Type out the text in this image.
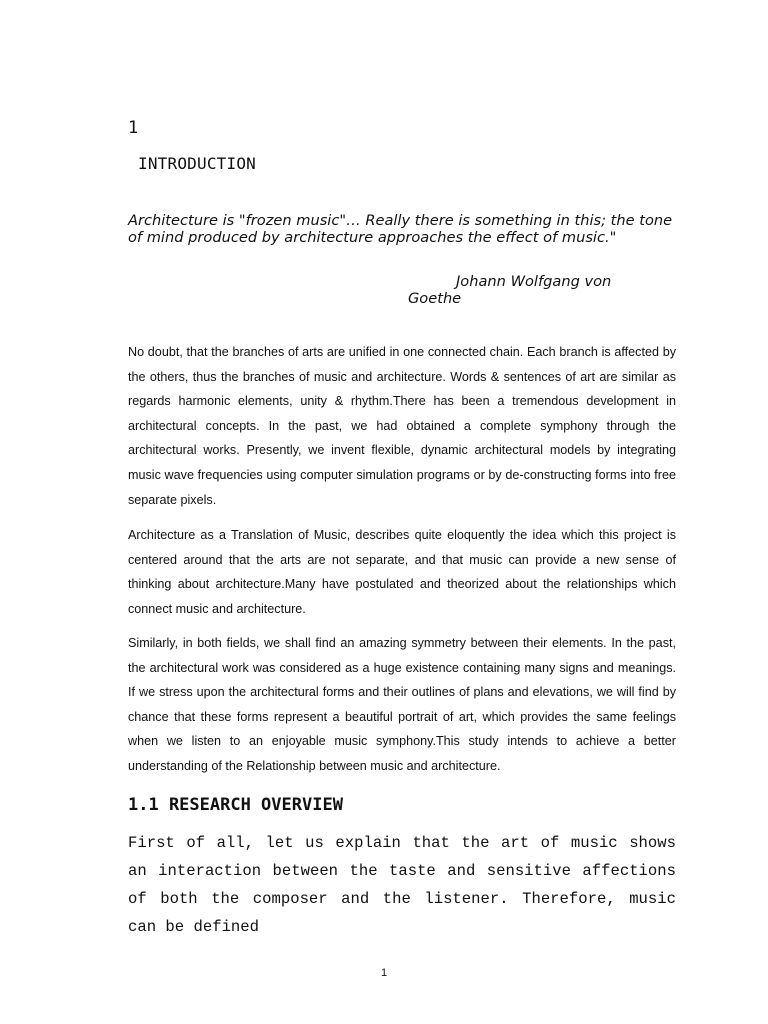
1
INTRODUCTION

Architecture is "frozen music"… Really there is something in this; the tone of mind produced by architecture approaches the effect of music."

Johann Wolfgang von
Goethe

No doubt, that the branches of arts are unified in one connected chain. Each branch is affected by the others, thus the branches of music and architecture. Words & sentences of art are similar as regards harmonic elements, unity & rhythm.There has been a tremendous development in architectural concepts. In the past, we had obtained a complete symphony through the architectural works. Presently, we invent flexible, dynamic architectural models by integrating music wave frequencies using computer simulation programs or by de-constructing forms into free separate pixels.

Architecture as a Translation of Music, describes quite eloquently the idea which this project is centered around that the arts are not separate, and that music can provide a new sense of thinking about architecture.Many have postulated and theorized about the relationships which connect music and architecture.

Similarly, in both fields, we shall find an amazing symmetry between their elements. In the past, the architectural work was considered as a huge existence containing many signs and meanings. If we stress upon the architectural forms and their outlines of plans and elevations, we will find by chance that these forms represent a beautiful portrait of art, which provides the same feelings when we listen to an enjoyable music symphony.This study intends to achieve a better understanding of the Relationship between music and architecture.

1.1 RESEARCH OVERVIEW

First of all, let us explain that the art of music shows an interaction between the taste and sensitive affections of both the composer and the listener. Therefore, music can be defined

1
